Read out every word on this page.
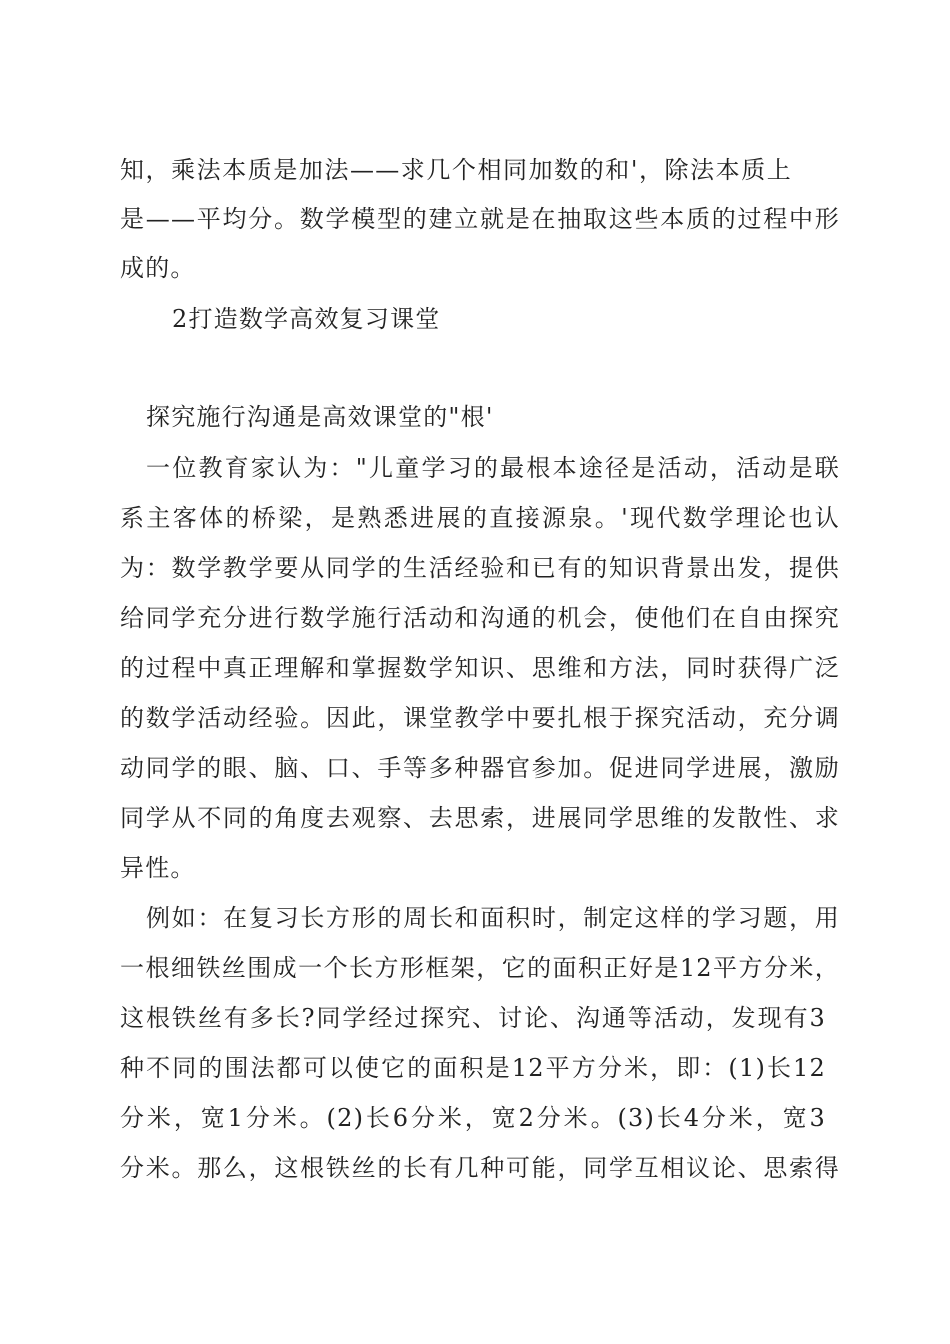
知，乘法本质是加法——求几个相同加数的和'，除法本质上
是——平均分。数学模型的建立就是在抽取这些本质的过程中形
成的。
2打造数学高效复习课堂
探究施行沟通是高效课堂的"根'
一位教育家认为："儿童学习的最根本途径是活动，活动是联
系主客体的桥梁，是熟悉进展的直接源泉。'现代数学理论也认
为：数学教学要从同学的生活经验和已有的知识背景出发，提供
给同学充分进行数学施行活动和沟通的机会，使他们在自由探究
的过程中真正理解和掌握数学知识、思维和方法，同时获得广泛
的数学活动经验。因此，课堂教学中要扎根于探究活动，充分调
动同学的眼、脑、口、手等多种器官参加。促进同学进展，激励
同学从不同的角度去观察、去思索，进展同学思维的发散性、求
异性。
例如：在复习长方形的周长和面积时，制定这样的学习题，用
一根细铁丝围成一个长方形框架，它的面积正好是12平方分米，
这根铁丝有多长?同学经过探究、讨论、沟通等活动，发现有3
种不同的围法都可以使它的面积是12平方分米，即：(1)长12
分米，宽1分米。(2)长6分米，宽2分米。(3)长4分米，宽3
分米。那么，这根铁丝的长有几种可能，同学互相议论、思索得
